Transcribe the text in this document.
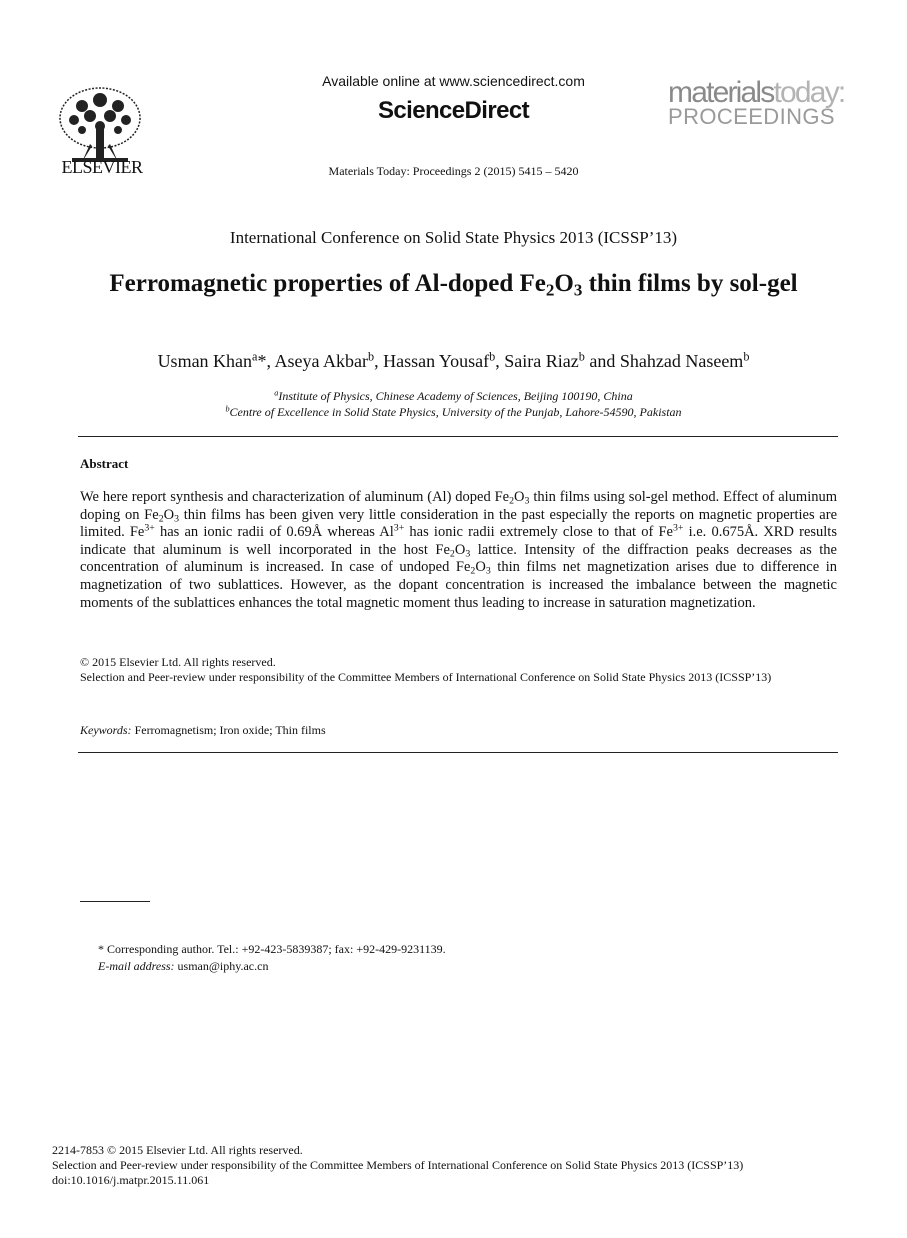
ELSEVIER
Available online at www.sciencedirect.com
ScienceDirect
Materials Today: Proceedings 2 (2015) 5415 – 5420
materialstoday:
PROCEEDINGS
International Conference on Solid State Physics 2013 (ICSSP’13)
Ferromagnetic properties of Al-doped $Fe_2O_3$ thin films by sol-gel
Usman Khan$^a$*, Aseya Akbar$^b$, Hassan Yousaf$^b$, Saira Riaz$^b$ and Shahzad Naseem$^b$
$^a$Institute of Physics, Chinese Academy of Sciences, Beijing 100190, China
$^b$Centre of Excellence in Solid State Physics, University of the Punjab, Lahore-54590, Pakistan
Abstract
We here report synthesis and characterization of aluminum (Al) doped $Fe_2O_3$ thin films using sol-gel method. Effect of aluminum doping on $Fe_2O_3$ thin films has been given very little consideration in the past especially the reports on magnetic properties are limited. $Fe^{3+}$ has an ionic radii of 0.69Å whereas $Al^{3+}$ has ionic radii extremely close to that of $Fe^{3+}$ i.e. 0.675Å. XRD results indicate that aluminum is well incorporated in the host $Fe_2O_3$ lattice. Intensity of the diffraction peaks decreases as the concentration of aluminum is increased. In case of undoped $Fe_2O_3$ thin films net magnetization arises due to difference in magnetization of two sublattices. However, as the dopant concentration is increased the imbalance between the magnetic moments of the sublattices enhances the total magnetic moment thus leading to increase in saturation magnetization.
© 2015 Elsevier Ltd. All rights reserved.
Selection and Peer-review under responsibility of the Committee Members of International Conference on Solid State Physics 2013 (ICSSP’13)
Keywords: Ferromagnetism; Iron oxide; Thin films
* Corresponding author. Tel.: +92-423-5839387; fax: +92-429-9231139.
E-mail address: usman@iphy.ac.cn
2214-7853 © 2015 Elsevier Ltd. All rights reserved.
Selection and Peer-review under responsibility of the Committee Members of International Conference on Solid State Physics 2013 (ICSSP’13)
doi:10.1016/j.matpr.2015.11.061
